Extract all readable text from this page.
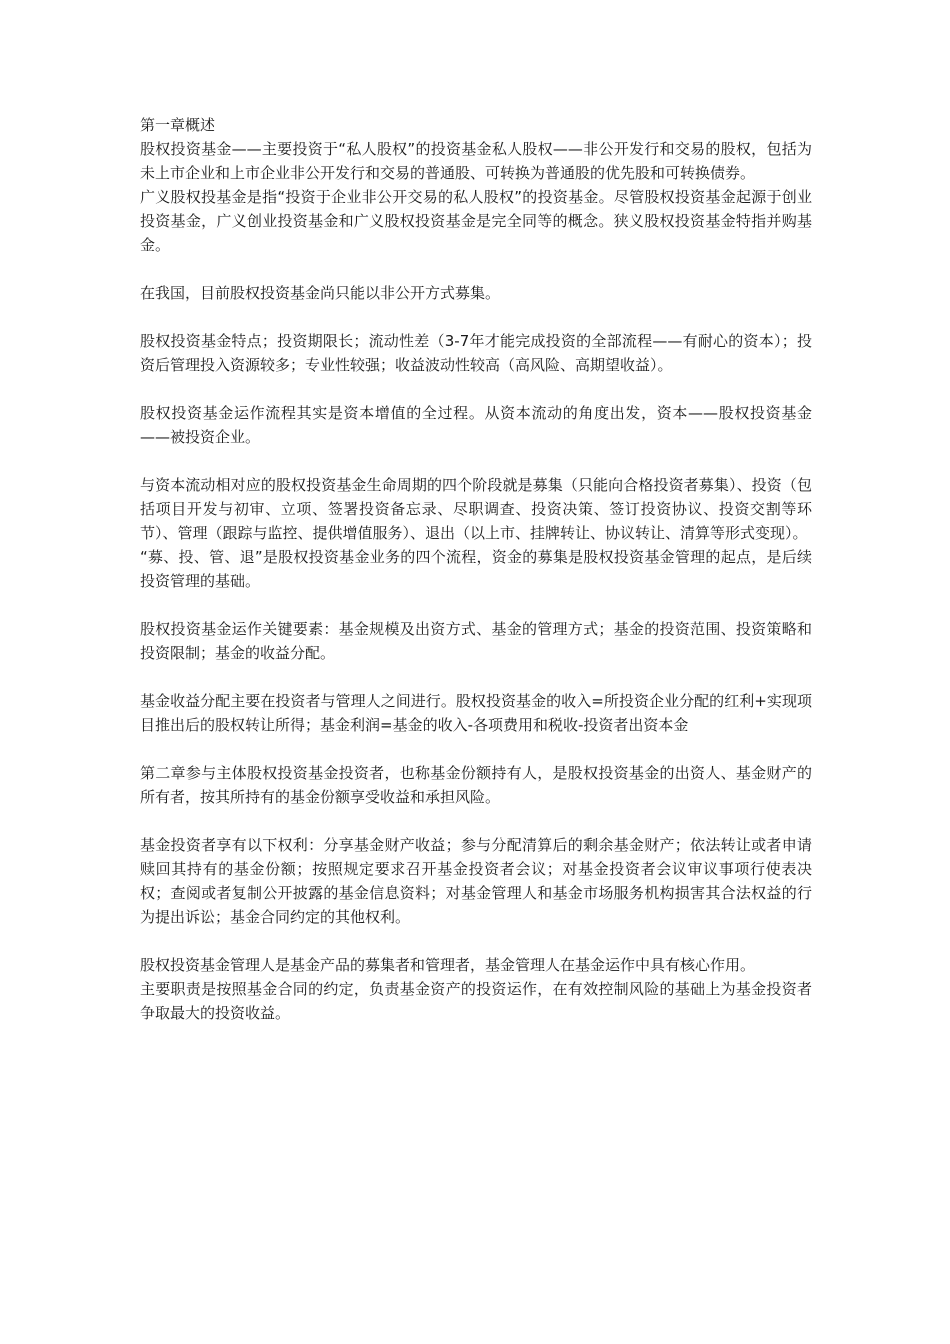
第一章概述

股权投资基金——主要投资于“私人股权”的投资基金私人股权——非公开发行和交易的股权，包括为未上市企业和上市企业非公开发行和交易的普通股、可转换为普通股的优先股和可转换债券。

广义股权投基金是指“投资于企业非公开交易的私人股权”的投资基金。尽管股权投资基金起源于创业投资基金，广义创业投资基金和广义股权投资基金是完全同等的概念。狭义股权投资基金特指并购基金。

在我国，目前股权投资基金尚只能以非公开方式募集。

股权投资基金特点；投资期限长；流动性差（3-7年才能完成投资的全部流程——有耐心的资本）；投资后管理投入资源较多；专业性较强；收益波动性较高（高风险、高期望收益）。

股权投资基金运作流程其实是资本增值的全过程。从资本流动的角度出发，资本——股权投资基金——被投资企业。

与资本流动相对应的股权投资基金生命周期的四个阶段就是募集（只能向合格投资者募集）、投资（包括项目开发与初审、立项、签署投资备忘录、尽职调查、投资决策、签订投资协议、投资交割等环节）、管理（跟踪与监控、提供增值服务）、退出（以上市、挂牌转让、协议转让、清算等形式变现）。

“募、投、管、退”是股权投资基金业务的四个流程，资金的募集是股权投资基金管理的起点，是后续投资管理的基础。

股权投资基金运作关键要素：基金规模及出资方式、基金的管理方式；基金的投资范围、投资策略和投资限制；基金的收益分配。

基金收益分配主要在投资者与管理人之间进行。股权投资基金的收入=所投资企业分配的红利+实现项目推出后的股权转让所得；基金利润=基金的收入-各项费用和税收-投资者出资本金

第二章参与主体股权投资基金投资者，也称基金份额持有人，是股权投资基金的出资人、基金财产的所有者，按其所持有的基金份额享受收益和承担风险。

基金投资者享有以下权利：分享基金财产收益；参与分配清算后的剩余基金财产；依法转让或者申请赎回其持有的基金份额；按照规定要求召开基金投资者会议；对基金投资者会议审议事项行使表决权；查阅或者复制公开披露的基金信息资料；对基金管理人和基金市场服务机构损害其合法权益的行为提出诉讼；基金合同约定的其他权利。

股权投资基金管理人是基金产品的募集者和管理者，基金管理人在基金运作中具有核心作用。

主要职责是按照基金合同的约定，负责基金资产的投资运作，在有效控制风险的基础上为基金投资者争取最大的投资收益。
